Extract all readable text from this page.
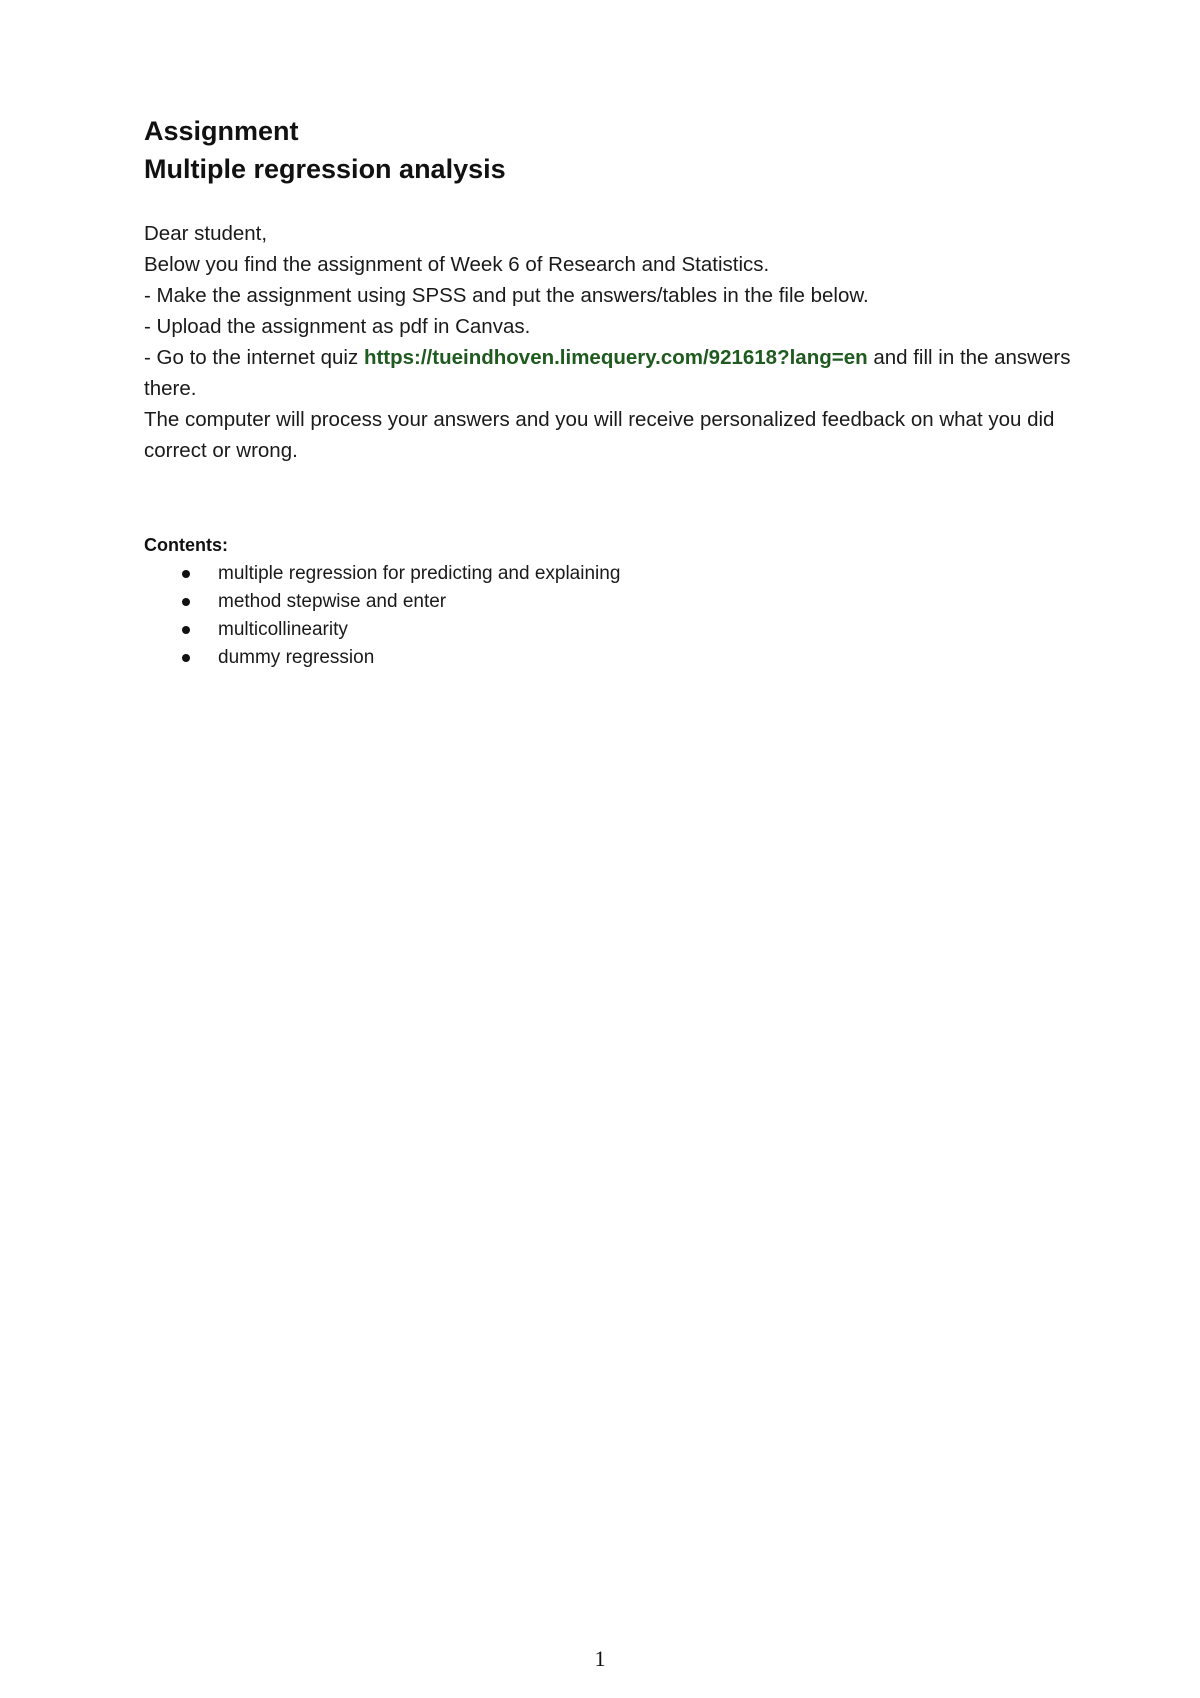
Assignment
Multiple regression analysis

Dear student,

Below you find the assignment of Week 6 of Research and Statistics.

- Make the assignment using SPSS and put the answers/tables in the file below.

- Upload the assignment as pdf in Canvas.

- Go to the internet quiz https://tueindhoven.limequery.com/921618?lang=en and fill in the answers there.

The computer will process your answers and you will receive personalized feedback on what you did correct or wrong.

Contents:

multiple regression for predicting and explaining
method stepwise and enter
multicollinearity
dummy regression
1
